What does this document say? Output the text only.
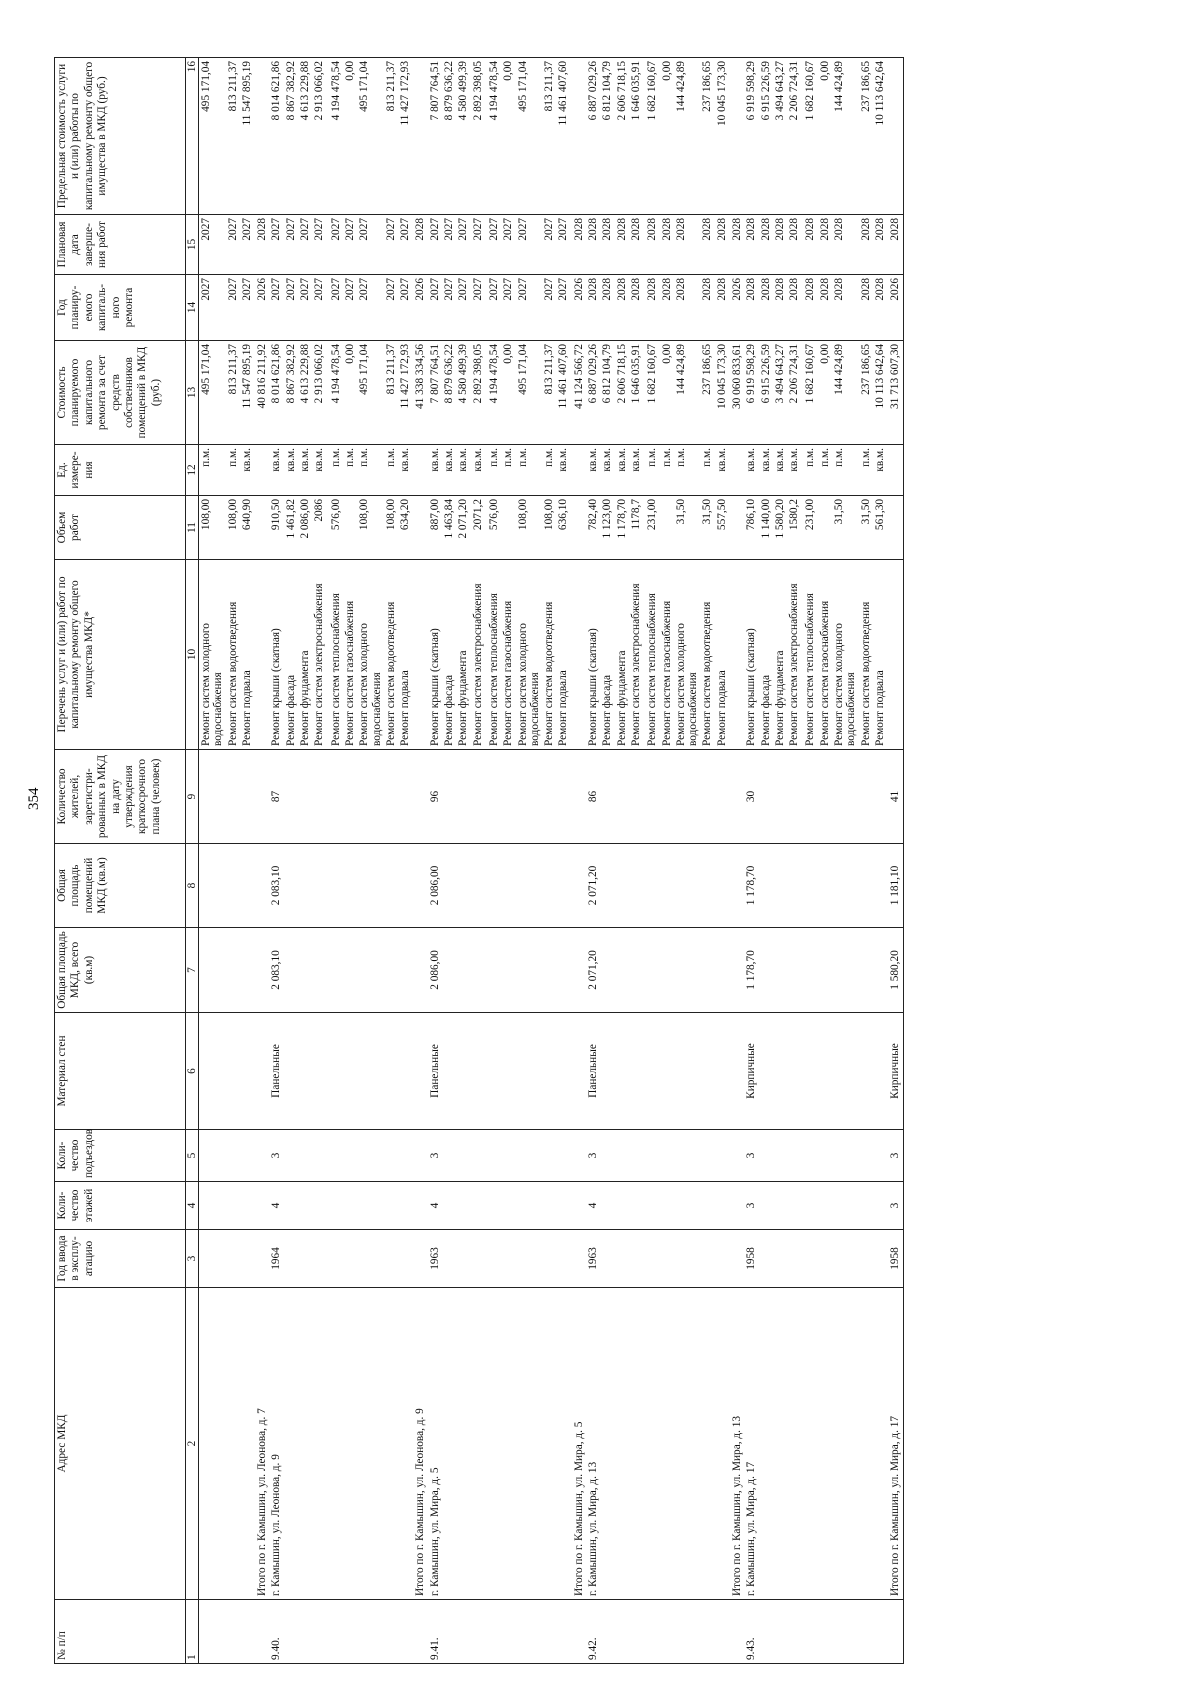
354
№ п/п	Адрес МКД	Год ввода в эксплу-атацию	Коли-чество этажей	Коли-чество подъездов	Материал стен	Общая площадь МКД, всего (кв.м)	Общая площадь помещений МКД (кв.м)	Количество жителей, зарегистри-рованных в МКД на дату утверждения краткосрочного плана (человек)	Перечень услуг и (или) работ по капитальному ремонту общего имущества МКД*	Объем работ	Ед. измере-ния	Стоимость планируемого капитального ремонта за счет средств собственников помещений в МКД (руб.)	Год планиру-емого капиталь-ного ремонта	Плановая дата заверше-ния работ	Предельная стоимость услуги и (или) работы по капитальному ремонту общего имущества в МКД (руб.)
1	2	3	4	5	6	7	8	9	10	11	12	13	14	15	16
									Ремонт систем холодного водоснабжения	108,00	п.м.	495 171,04	2027	2027	495 171,04
									Ремонт систем водоотведения	108,00	п.м.	813 211,37	2027	2027	813 211,37
									Ремонт подвала	640,90	кв.м.	11 547 895,19	2027	2027	11 547 895,19
	Итого по г. Камышин, ул. Леонова, д. 7											40 816 211,92	2026	2028	
9.40.	г. Камышин, ул. Леонова, д. 9	1964	4	3	Панельные	2 083,10	2 083,10	87	Ремонт крыши (скатная)	910,50	кв.м.	8 014 621,86	2027	2027	8 014 621,86
									Ремонт фасада	1 461,82	кв.м.	8 867 382,92	2027	2027	8 867 382,92
									Ремонт фундамента	2 086,00	кв.м.	4 613 229,88	2027	2027	4 613 229,88
									Ремонт систем электроснабжения	2086	кв.м.	2 913 066,02	2027	2027	2 913 066,02

									Ремонт систем теплоснабжения	576,00	п.м.	4 194 478,54	2027	2027	4 194 478,54
									Ремонт систем газоснабжения		п.м.	0,00	2027	2027	0,00
									Ремонт систем холодного водоснабжения	108,00	п.м.	495 171,04	2027	2027	495 171,04
									Ремонт систем водоотведения	108,00	п.м.	813 211,37	2027	2027	813 211,37
									Ремонт подвала	634,20	кв.м.	11 427 172,93	2027	2027	11 427 172,93
	Итого по г. Камышин, ул. Леонова, д. 9											41 338 334,56	2026	2028	
9.41.	г. Камышин, ул. Мира, д. 5	1963	4	3	Панельные	2 086,00	2 086,00	96	Ремонт крыши (скатная)	887,00	кв.м.	7 807 764,51	2027	2027	7 807 764,51
									Ремонт фасада	1 463,84	кв.м.	8 879 636,22	2027	2027	8 879 636,22
									Ремонт фундамента	2 071,20	кв.м.	4 580 499,39	2027	2027	4 580 499,39
									Ремонт систем электроснабжения	2071,2	кв.м.	2 892 398,05	2027	2027	2 892 398,05

									Ремонт систем теплоснабжения	576,00	п.м.	4 194 478,54	2027	2027	4 194 478,54
									Ремонт систем газоснабжения		п.м.	0,00	2027	2027	0,00
									Ремонт систем холодного водоснабжения	108,00	п.м.	495 171,04	2027	2027	495 171,04
									Ремонт систем водоотведения	108,00	п.м.	813 211,37	2027	2027	813 211,37
									Ремонт подвала	636,10	кв.м.	11 461 407,60	2027	2027	11 461 407,60
	Итого по г. Камышин, ул. Мира, д. 5											41 124 566,72	2026	2028	
9.42.	г. Камышин, ул. Мира, д. 13	1963	4	3	Панельные	2 071,20	2 071,20	86	Ремонт крыши (скатная)	782,40	кв.м.	6 887 029,26	2028	2028	6 887 029,26
									Ремонт фасада	1 123,00	кв.м.	6 812 104,79	2028	2028	6 812 104,79
									Ремонт фундамента	1 178,70	кв.м.	2 606 718,15	2028	2028	2 606 718,15
									Ремонт систем электроснабжения	1178,7	кв.м.	1 646 035,91	2028	2028	1 646 035,91

									Ремонт систем теплоснабжения	231,00	п.м.	1 682 160,67	2028	2028	1 682 160,67
									Ремонт систем газоснабжения		п.м.	0,00	2028	2028	0,00
									Ремонт систем холодного водоснабжения	31,50	п.м.	144 424,89	2028	2028	144 424,89
									Ремонт систем водоотведения	31,50	п.м.	237 186,65	2028	2028	237 186,65
									Ремонт подвала	557,50	кв.м.	10 045 173,30	2028	2028	10 045 173,30
	Итого по г. Камышин, ул. Мира, д. 13											30 060 833,61	2026	2028	
9.43.	г. Камышин, ул. Мира, д. 17	1958	3	3	Кирпичные	1 178,70	1 178,70	30	Ремонт крыши (скатная)	786,10	кв.м.	6 919 598,29	2028	2028	6 919 598,29
									Ремонт фасада	1 140,00	кв.м.	6 915 226,59	2028	2028	6 915 226,59
									Ремонт фундамента	1 580,20	кв.м.	3 494 643,27	2028	2028	3 494 643,27
									Ремонт систем электроснабжения	1580,2	кв.м.	2 206 724,31	2028	2028	2 206 724,31

									Ремонт систем теплоснабжения	231,00	п.м.	1 682 160,67	2028	2028	1 682 160,67
									Ремонт систем газоснабжения		п.м.	0,00	2028	2028	0,00
									Ремонт систем холодного водоснабжения	31,50	п.м.	144 424,89	2028	2028	144 424,89
									Ремонт систем водоотведения	31,50	п.м.	237 186,65	2028	2028	237 186,65
									Ремонт подвала	561,30	кв.м.	10 113 642,64	2028	2028	10 113 642,64
	Итого по г. Камышин, ул. Мира, д. 17	1958	3	3	Кирпичные	1 580,20	1 181,10	41				31 713 607,30	2026	2028	
